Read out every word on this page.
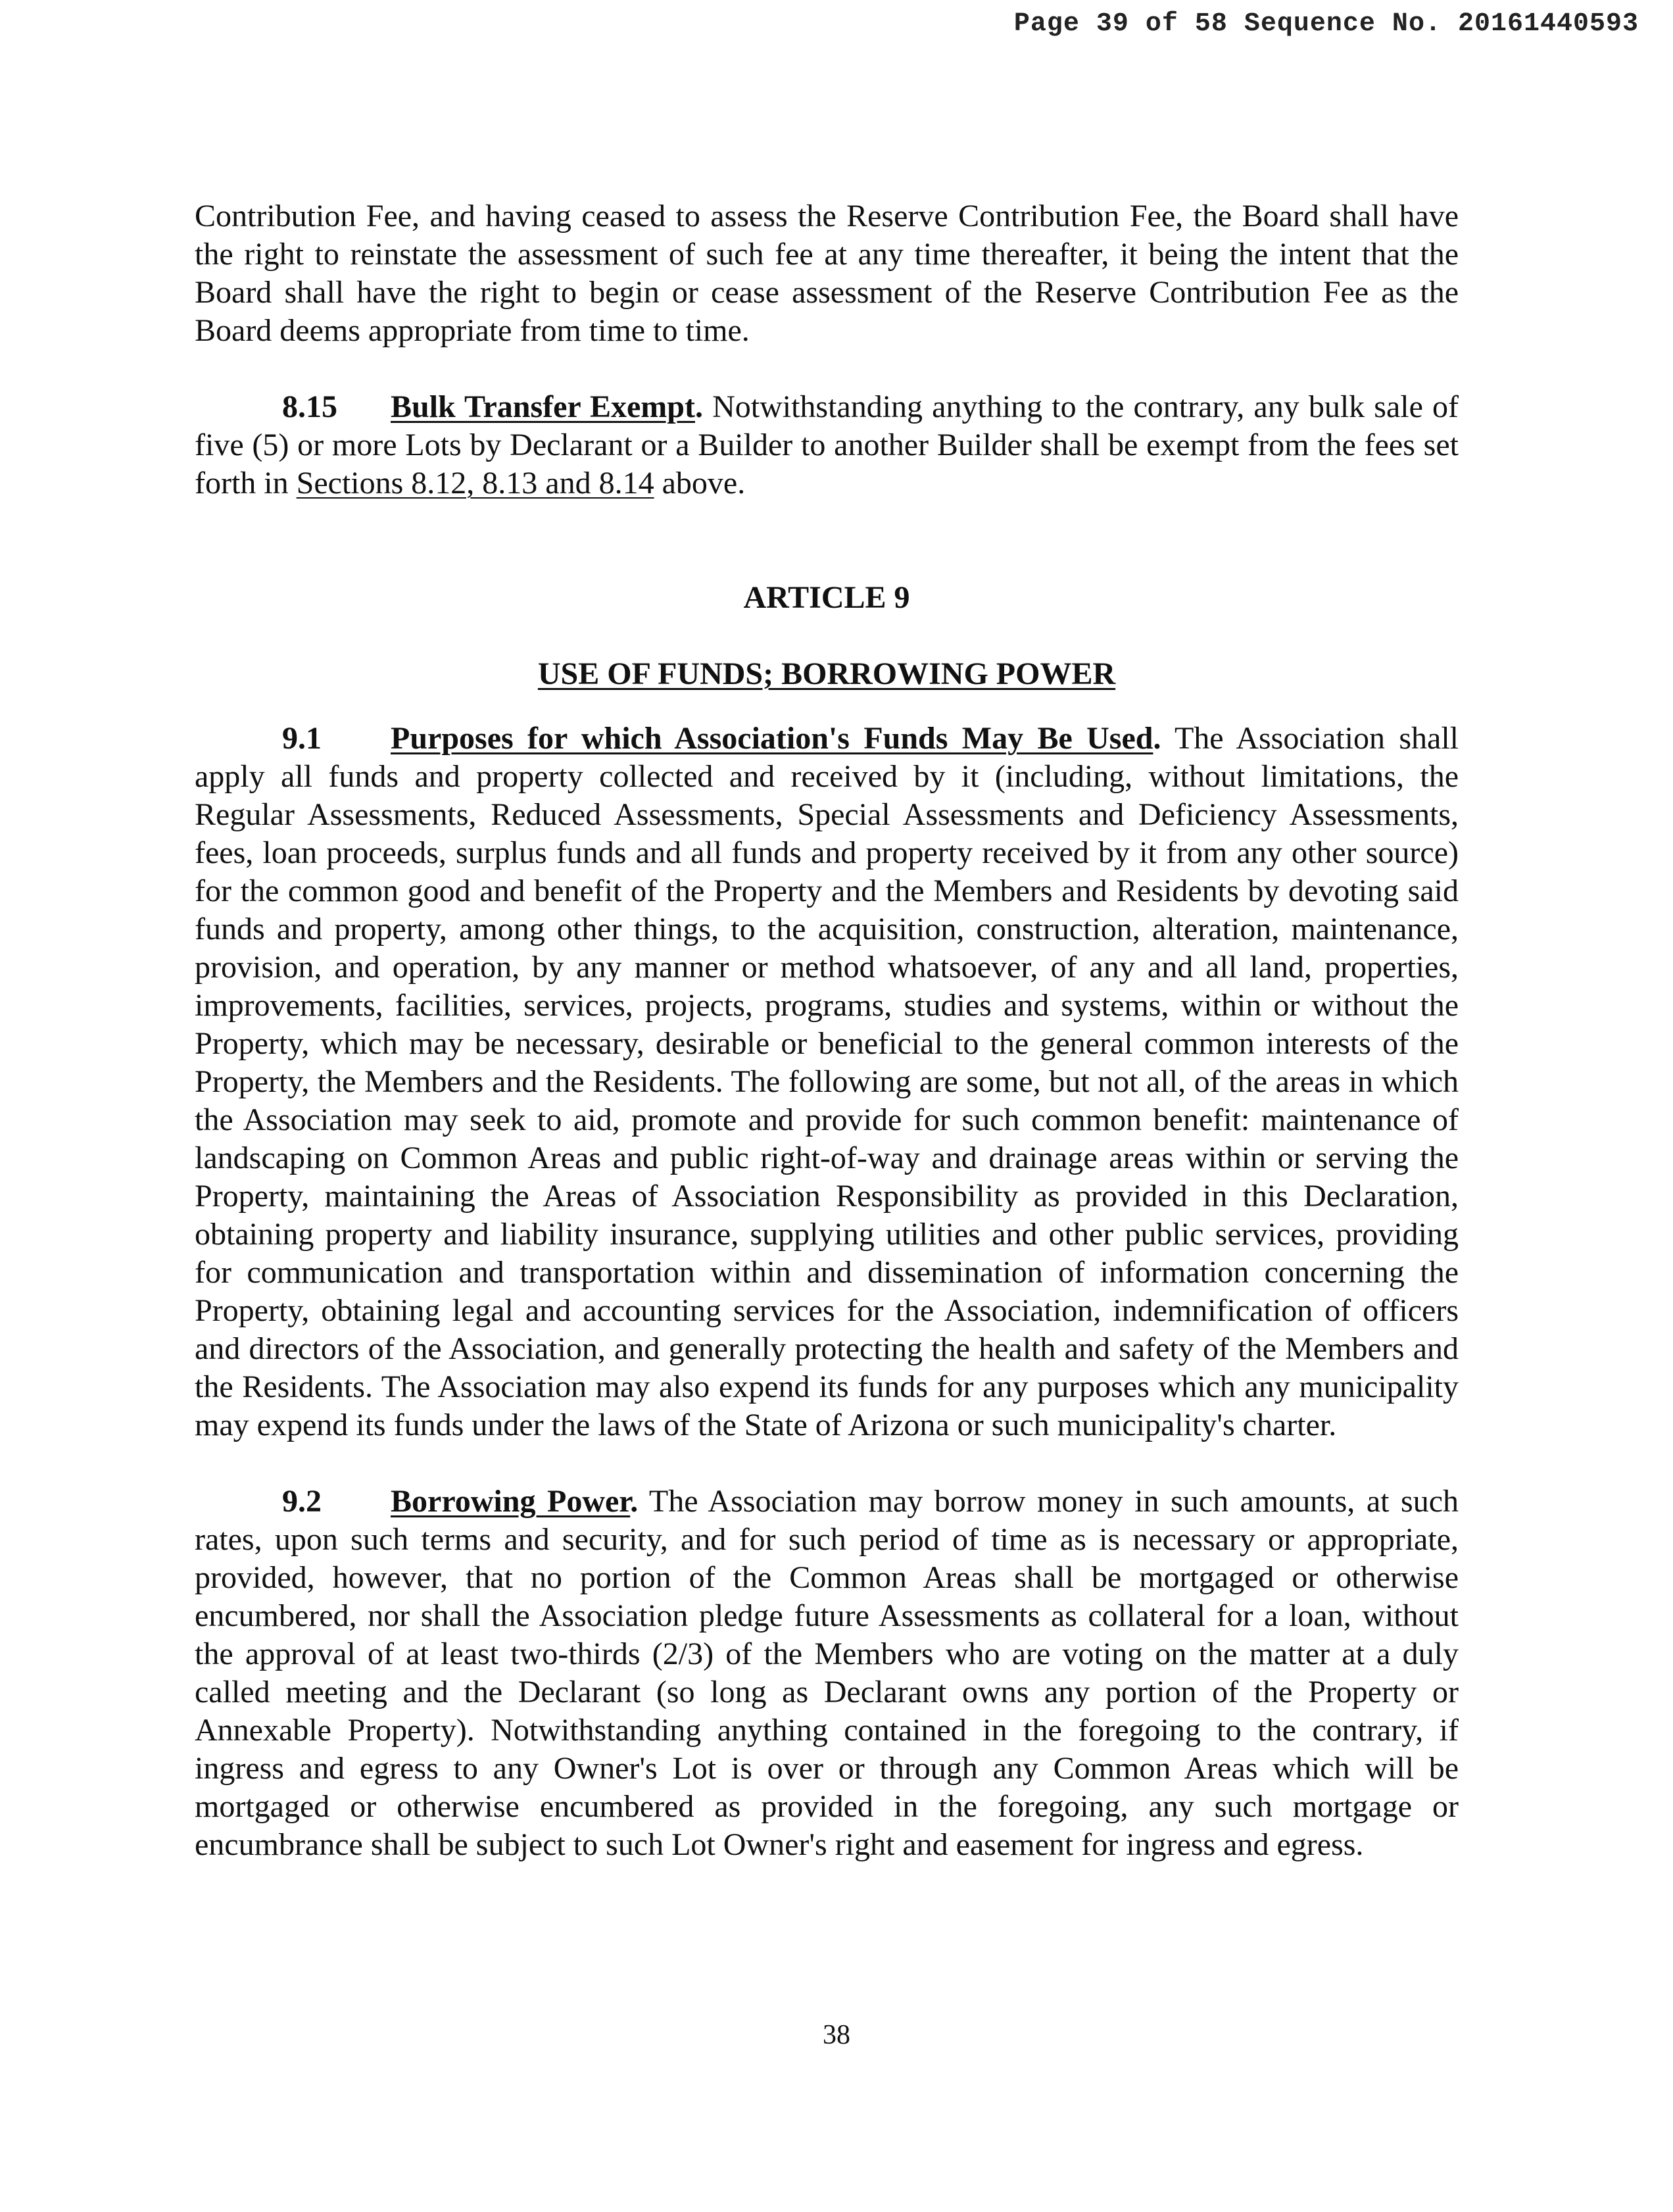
Page 39 of 58 Sequence No. 20161440593

Contribution Fee, and having ceased to assess the Reserve Contribution Fee, the Board shall have the right to reinstate the assessment of such fee at any time thereafter, it being the intent that the Board shall have the right to begin or cease assessment of the Reserve Contribution Fee as the Board deems appropriate from time to time.

8.15 Bulk Transfer Exempt. Notwithstanding anything to the contrary, any bulk sale of five (5) or more Lots by Declarant or a Builder to another Builder shall be exempt from the fees set forth in Sections 8.12, 8.13 and 8.14 above.

ARTICLE 9

USE OF FUNDS; BORROWING POWER

9.1 Purposes for which Association's Funds May Be Used. The Association shall apply all funds and property collected and received by it (including, without limitations, the Regular Assessments, Reduced Assessments, Special Assessments and Deficiency Assessments, fees, loan proceeds, surplus funds and all funds and property received by it from any other source) for the common good and benefit of the Property and the Members and Residents by devoting said funds and property, among other things, to the acquisition, construction, alteration, maintenance, provision, and operation, by any manner or method whatsoever, of any and all land, properties, improvements, facilities, services, projects, programs, studies and systems, within or without the Property, which may be necessary, desirable or beneficial to the general common interests of the Property, the Members and the Residents. The following are some, but not all, of the areas in which the Association may seek to aid, promote and provide for such common benefit: maintenance of landscaping on Common Areas and public right-of-way and drainage areas within or serving the Property, maintaining the Areas of Association Responsibility as provided in this Declaration, obtaining property and liability insurance, supplying utilities and other public services, providing for communication and transportation within and dissemination of information concerning the Property, obtaining legal and accounting services for the Association, indemnification of officers and directors of the Association, and generally protecting the health and safety of the Members and the Residents. The Association may also expend its funds for any purposes which any municipality may expend its funds under the laws of the State of Arizona or such municipality's charter.

9.2 Borrowing Power. The Association may borrow money in such amounts, at such rates, upon such terms and security, and for such period of time as is necessary or appropriate, provided, however, that no portion of the Common Areas shall be mortgaged or otherwise encumbered, nor shall the Association pledge future Assessments as collateral for a loan, without the approval of at least two-thirds (2/3) of the Members who are voting on the matter at a duly called meeting and the Declarant (so long as Declarant owns any portion of the Property or Annexable Property). Notwithstanding anything contained in the foregoing to the contrary, if ingress and egress to any Owner's Lot is over or through any Common Areas which will be mortgaged or otherwise encumbered as provided in the foregoing, any such mortgage or encumbrance shall be subject to such Lot Owner's right and easement for ingress and egress.

38
